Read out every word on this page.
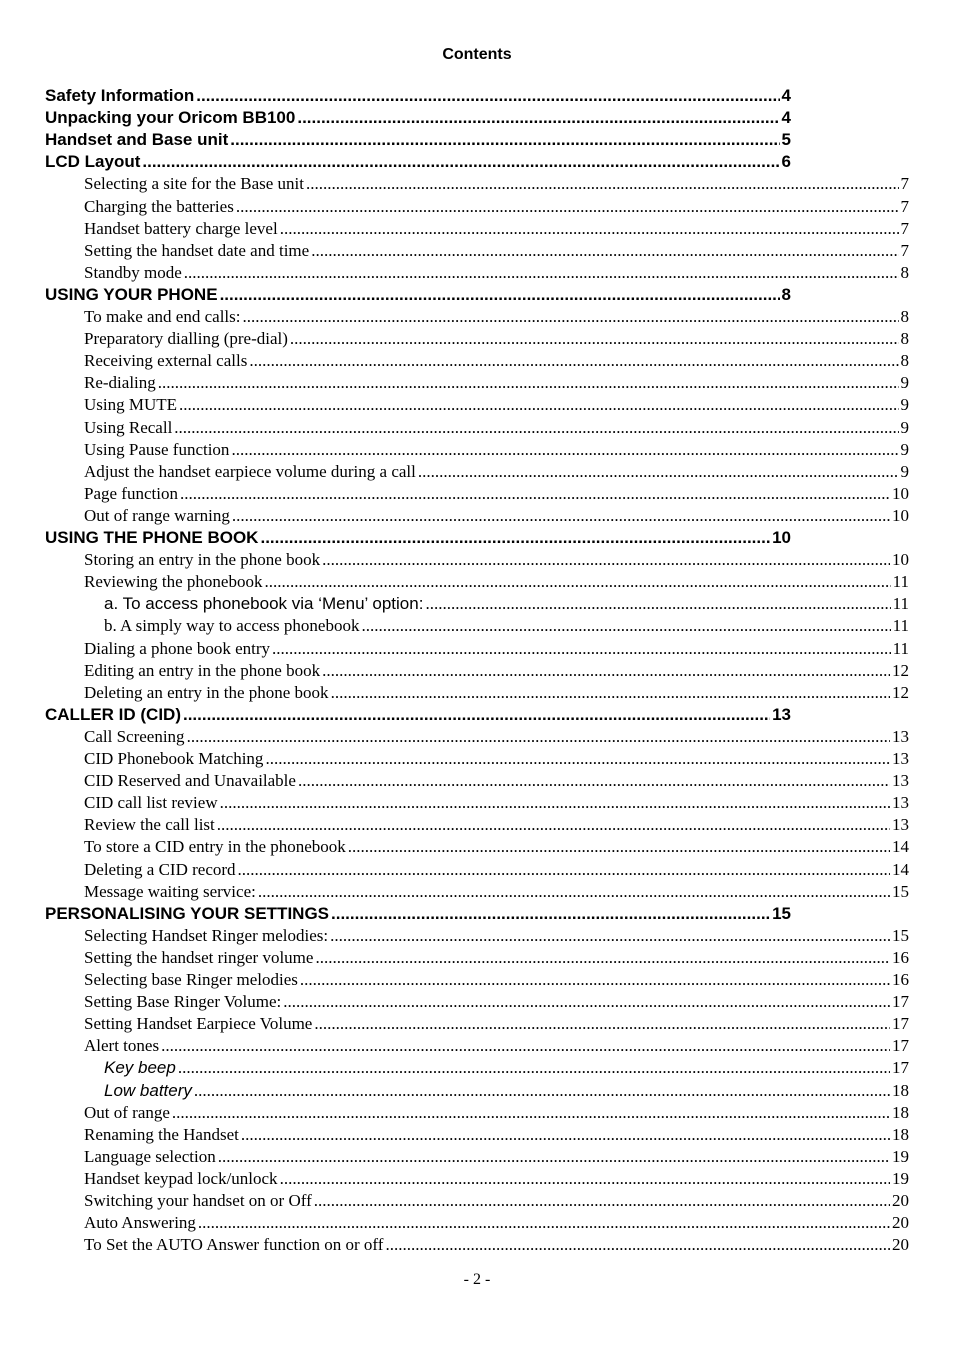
Contents
Safety Information .....	4
Unpacking your Oricom BB100 .....	4
Handset and Base unit .....	5
LCD Layout .....	6
Selecting a site for the Base unit .....	7
Charging the batteries .....	7
Handset battery charge level .....	7
Setting the handset date and time .....	7
Standby mode .....	8
USING YOUR PHONE .....	8
To make and end calls: .....	8
Preparatory dialling (pre-dial) .....	8
Receiving external calls .....	8
Re-dialing .....	9
Using MUTE .....	9
Using Recall .....	9
Using Pause function .....	9
Adjust the handset earpiece volume during a call .....	9
Page function .....	10
Out of range warning .....	10
USING THE PHONE BOOK .....	10
Storing an entry in the phone book .....	10
Reviewing the phonebook .....	11
a. To access phonebook via ‘Menu’ option: .....	11
b. A simply way to access phonebook .....	11
Dialing a phone book entry .....	11
Editing an entry in the phone book .....	12
Deleting an entry in the phone book .....	12
CALLER ID (CID) .....	13
Call Screening .....	13
CID Phonebook Matching .....	13
CID Reserved and Unavailable .....	13
CID call list review .....	13
Review the call list .....	13
To store a CID entry in the phonebook .....	14
Deleting a CID record .....	14
Message waiting service: .....	15
PERSONALISING YOUR SETTINGS .....	15
Selecting Handset Ringer melodies: .....	15
Setting the handset ringer volume .....	16
Selecting base Ringer melodies .....	16
Setting Base Ringer Volume: .....	17
Setting Handset Earpiece Volume .....	17
Alert tones .....	17
Key beep .....	17
Low battery .....	18
Out of range .....	18
Renaming the Handset .....	18
Language selection .....	19
Handset keypad lock/unlock .....	19
Switching your handset on or Off .....	20
Auto Answering .....	20
To Set the AUTO Answer function on or off .....	20
- 2 -
